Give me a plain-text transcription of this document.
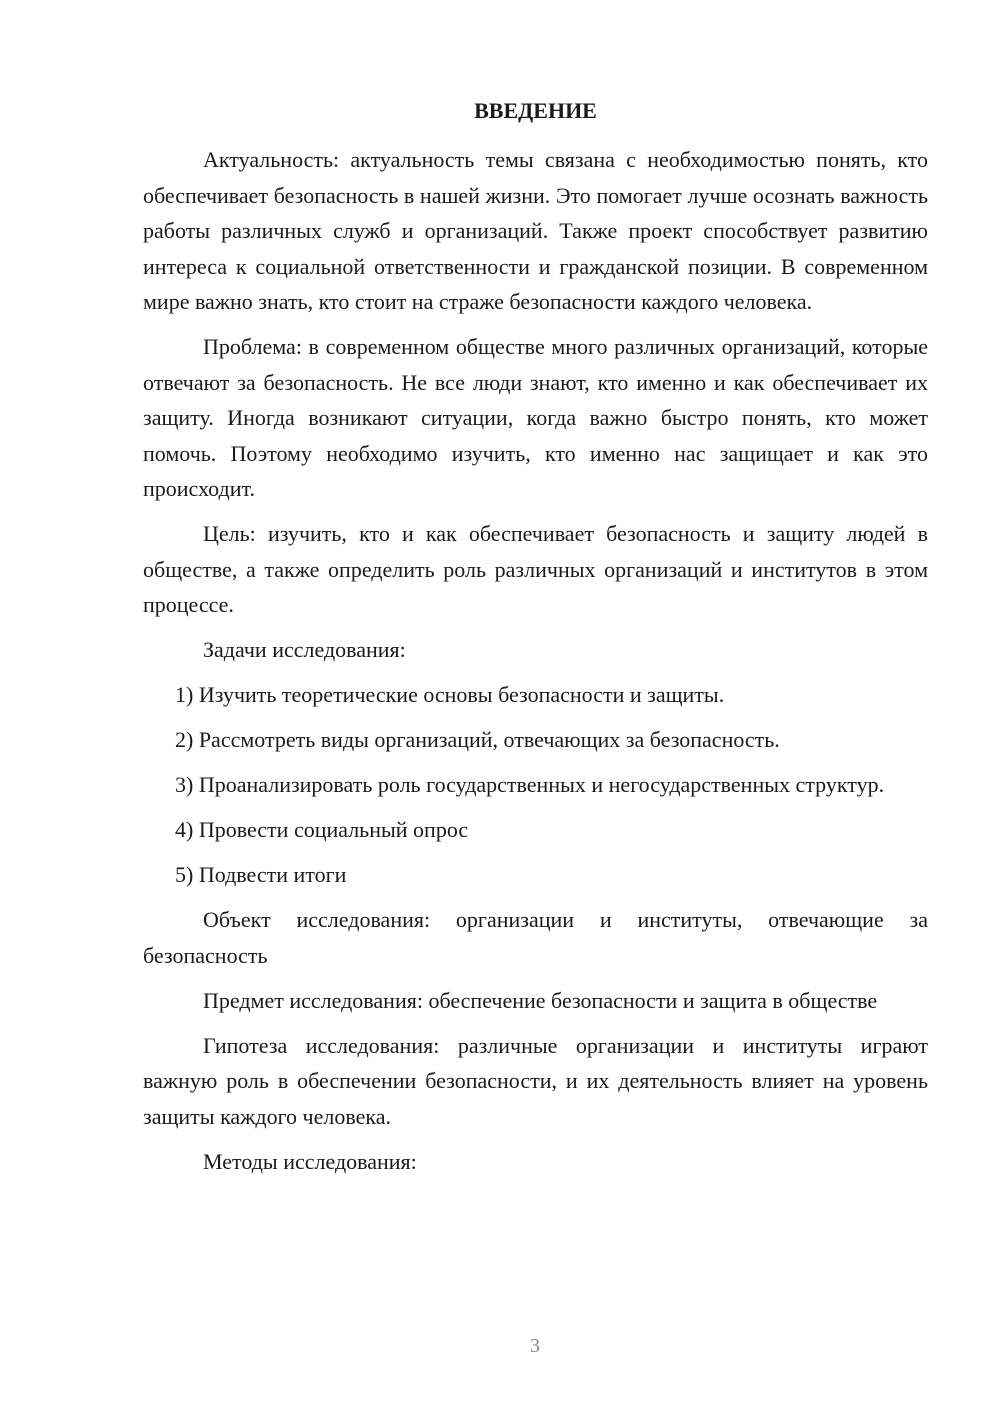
ВВЕДЕНИЕ

Актуальность: актуальность темы связана с необходимостью понять, кто обеспечивает безопасность в нашей жизни. Это помогает лучше осознать важность работы различных служб и организаций. Также проект способствует развитию интереса к социальной ответственности и гражданской позиции. В современном мире важно знать, кто стоит на страже безопасности каждого человека.

Проблема: в современном обществе много различных организаций, которые отвечают за безопасность. Не все люди знают, кто именно и как обеспечивает их защиту. Иногда возникают ситуации, когда важно быстро понять, кто может помочь. Поэтому необходимо изучить, кто именно нас защищает и как это происходит.

Цель: изучить, кто и как обеспечивает безопасность и защиту людей в обществе, а также определить роль различных организаций и институтов в этом процессе.

Задачи исследования:

1) Изучить теоретические основы безопасности и защиты.

2) Рассмотреть виды организаций, отвечающих за безопасность.

3) Проанализировать роль государственных и негосударственных структур.

4) Провести социальный опрос

5) Подвести итоги

Объект исследования: организации и институты, отвечающие за безопасность

Предмет исследования: обеспечение безопасности и защита в обществе

Гипотеза исследования: различные организации и институты играют важную роль в обеспечении безопасности, и их деятельность влияет на уровень защиты каждого человека.

Методы исследования:

3
